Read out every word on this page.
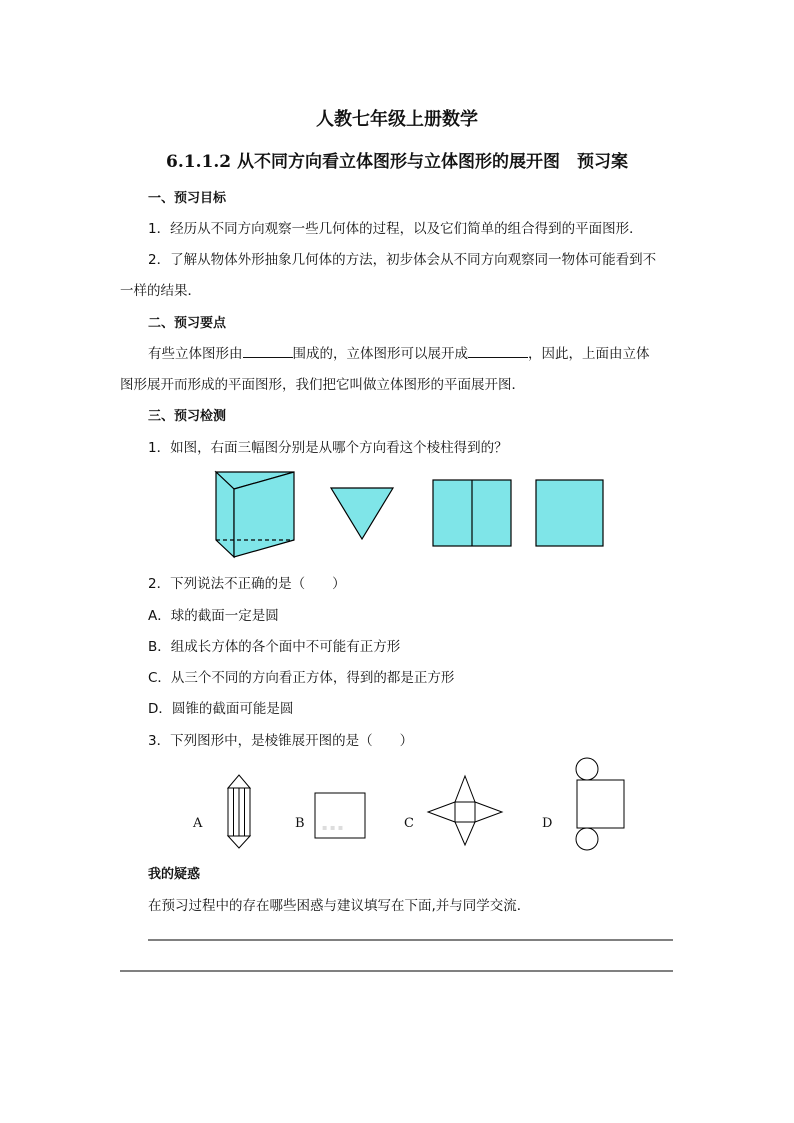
人教七年级上册数学
6.1.1.2 从不同方向看立体图形与立体图形的展开图　预习案
一、预习目标
1．经历从不同方向观察一些几何体的过程，以及它们简单的组合得到的平面图形．
2．了解从物体外形抽象几何体的方法，初步体会从不同方向观察同一物体可能看到不
一样的结果．
二、预习要点
有些立体图形由	围成的，立体图形可以展开成	，因此，上面由立体
图形展开而形成的平面图形，我们把它叫做立体图形的平面展开图．
三、预习检测
1．如图，右面三幅图分别是从哪个方向看这个棱柱得到的？
2．下列说法不正确的是（　　）
A．球的截面一定是圆
B．组成长方体的各个面中不可能有正方形
C．从三个不同的方向看正方体，得到的都是正方形
D．圆锥的截面可能是圆
3．下列图形中，是棱锥展开图的是（　　）
▪ ▪ ▪
A	B	C	D
我的疑惑
在预习过程中的存在哪些困惑与建议填写在下面,并与同学交流．
